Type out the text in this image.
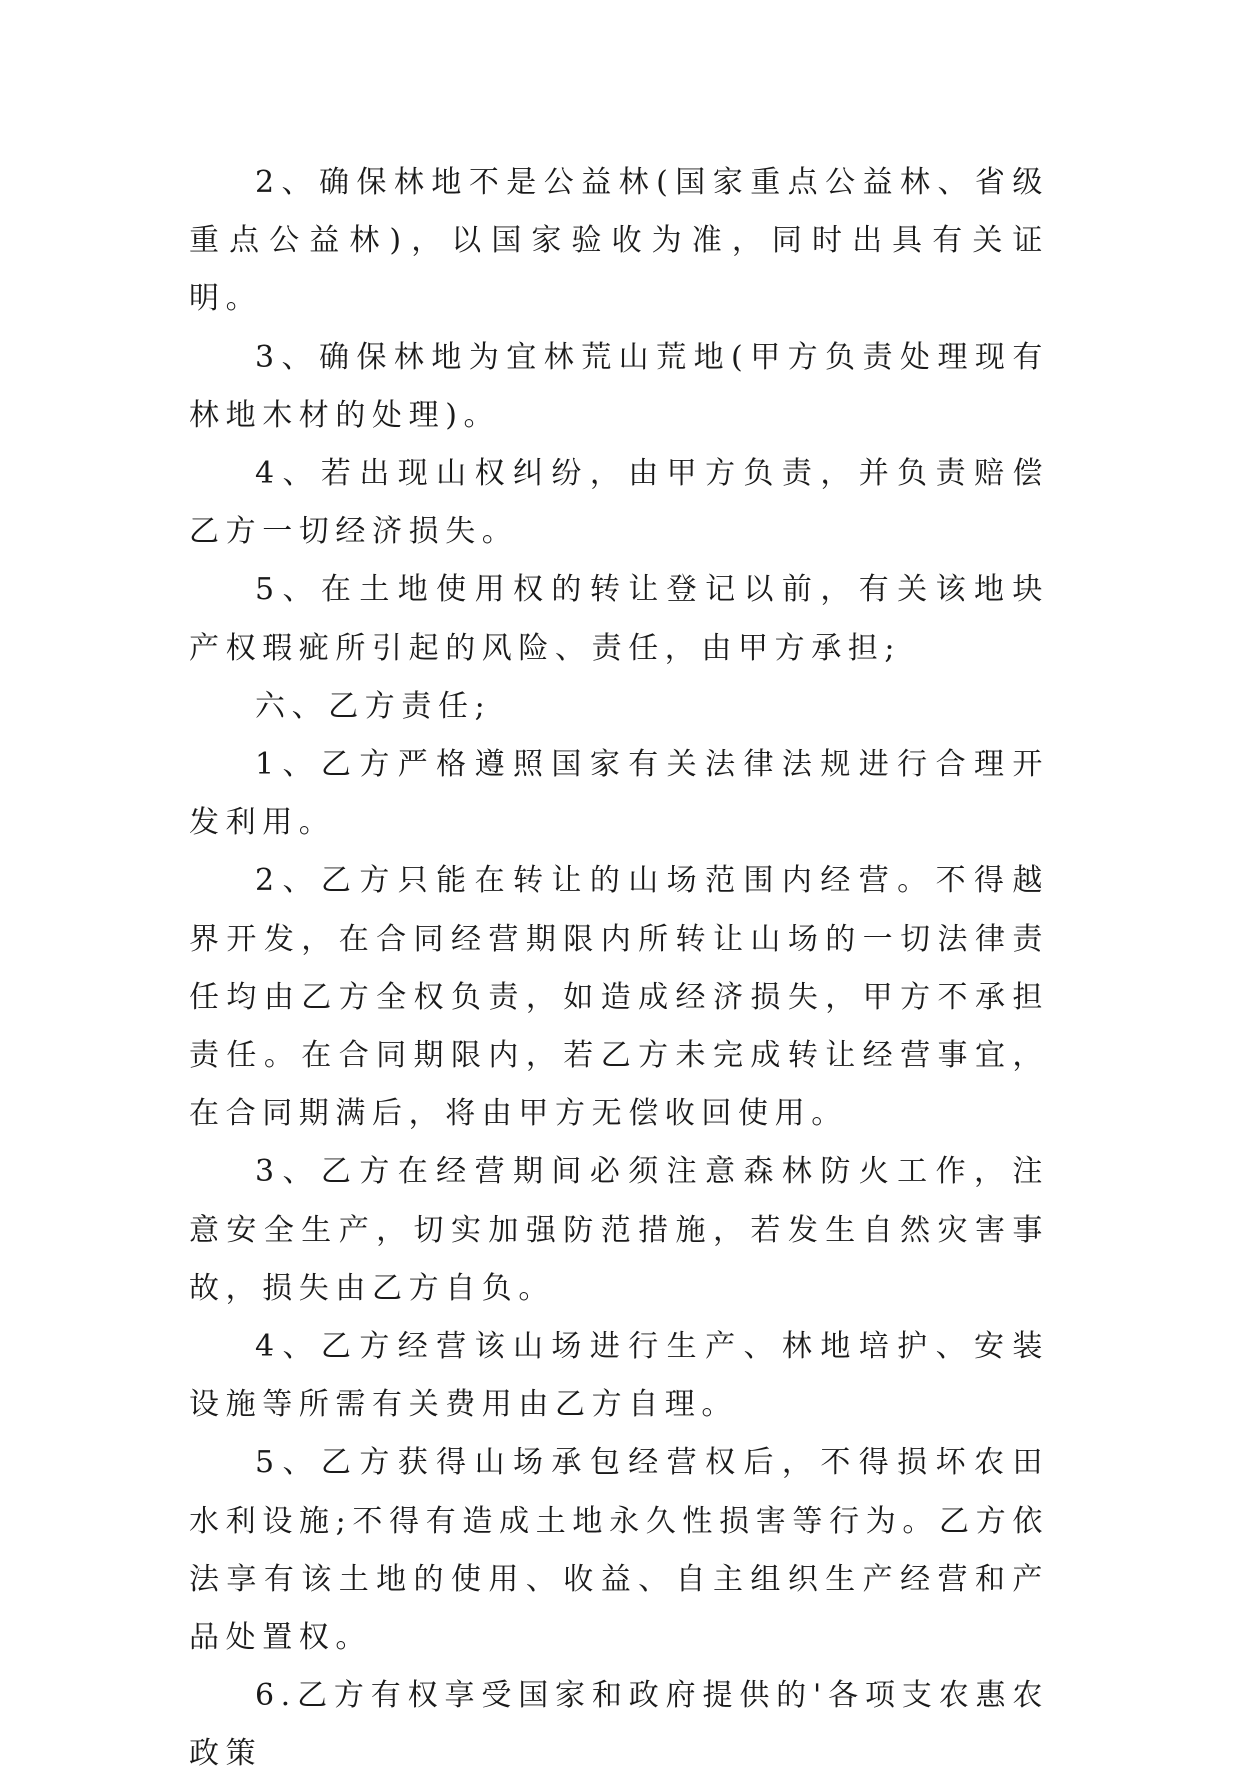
2、确保林地不是公益林(国家重点公益林、省级重点公益林)，以国家验收为准，同时出具有关证明。

3、确保林地为宜林荒山荒地(甲方负责处理现有林地木材的处理)。

4、若出现山权纠纷，由甲方负责，并负责赔偿乙方一切经济损失。

5、在土地使用权的转让登记以前，有关该地块产权瑕疵所引起的风险、责任，由甲方承担;

六、乙方责任;

1、乙方严格遵照国家有关法律法规进行合理开发利用。

2、乙方只能在转让的山场范围内经营。不得越界开发，在合同经营期限内所转让山场的一切法律责任均由乙方全权负责，如造成经济损失，甲方不承担责任。在合同期限内，若乙方未完成转让经营事宜，在合同期满后，将由甲方无偿收回使用。

3、乙方在经营期间必须注意森林防火工作，注意安全生产，切实加强防范措施，若发生自然灾害事故，损失由乙方自负。

4、乙方经营该山场进行生产、林地培护、安装设施等所需有关费用由乙方自理。

5、乙方获得山场承包经营权后，不得损坏农田水利设施;不得有造成土地永久性损害等行为。乙方依法享有该土地的使用、收益、自主组织生产经营和产品处置权。

6.乙方有权享受国家和政府提供的'各项支农惠农政策
